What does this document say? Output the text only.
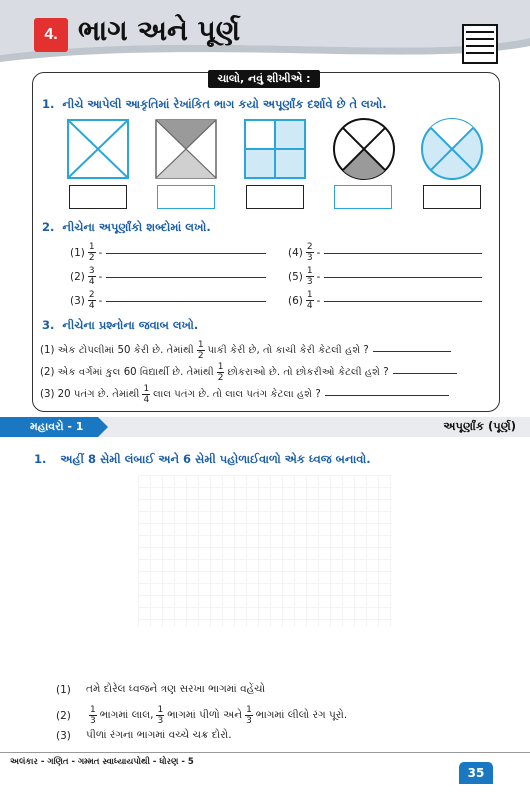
4. ભાગ અને પૂર્ણ
ચાલો, નવું શીખીએ :
1. નીચે આપેલી આકૃતિમાં રેખાંકિત ભાગ કયો અપૂર્ણાંક દર્શાવે છે તે લખો.
2. નીચેના અપૂર્ણાંકો શબ્દોમાં લખો.
$(1) \frac{1}{2}$ -
$(2) \frac{3}{4}$ -
$(3) \frac{2}{4}$ -
$(4) \frac{2}{3}$ -
$(5) \frac{1}{3}$ -
$(6) \frac{1}{4}$ -
3. નીચેના પ્રશ્નોના જવાબ લખો.
(1) એક ટોપલીમાં 50 કેરી છે. તેમાંથી $\frac{1}{2}$ પાકી કેરી છે, તો કાચી કેરી કેટલી હશે ?
(2) એક વર્ગમાં કુલ 60 વિદ્યાર્થી છે. તેમાંથી $\frac{1}{2}$ છોકરાઓ છે. તો છોકરીઓ કેટલી હશે ?
(3) 20 પતંગ છે. તેમાંથી $\frac{1}{4}$ લાલ પતંગ છે. તો લાલ પતંગ કેટલા હશે ?
મહાવરો - 1	અપૂર્ણાંક (પૂર્ણ)
1. અહીં 8 સેમી લંબાઈ અને 6 સેમી પહોળાઈવાળો એક ધ્વજ બનાવો.
(1)	તમે દોરેલ ધ્વજને ત્રણ સરખા ભાગમાં વહેંચો
(2)	$\frac{1}{3}$ ભાગમાં લાલ, $\frac{1}{3}$ ભાગમાં પીળો અને $\frac{1}{3}$ ભાગમાં લીલો રંગ પૂરો.
(3)	પીળાં રંગના ભાગમાં વચ્ચે ચક્ર દોરો.
અલંકાર - ગણિત - ગમ્મત સ્વાધ્યાયપોથી - ધોરણ - 5
35
